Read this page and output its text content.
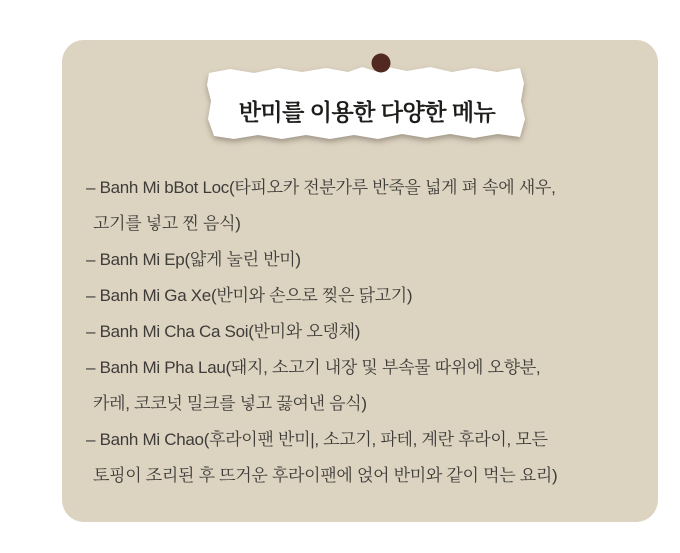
반미를 이용한 다양한 메뉴
– Banh Mi bBot Loc(타피오카 전분가루 반죽을 넓게 펴 속에 새우,
고기를 넣고 찐 음식)
– Banh Mi Ep(얇게 눌린 반미)
– Banh Mi Ga Xe(반미와 손으로 찢은 닭고기)
– Banh Mi Cha Ca Soi(반미와 오뎅채)
– Banh Mi Pha Lau(돼지, 소고기 내장 및 부속물 따위에 오향분,
카레, 코코넛 밀크를 넣고 끓여낸 음식)
– Banh Mi Chao(후라이팬 반미|, 소고기, 파테, 계란 후라이, 모든
토핑이 조리된 후 뜨거운 후라이팬에 얹어 반미와 같이 먹는 요리)
